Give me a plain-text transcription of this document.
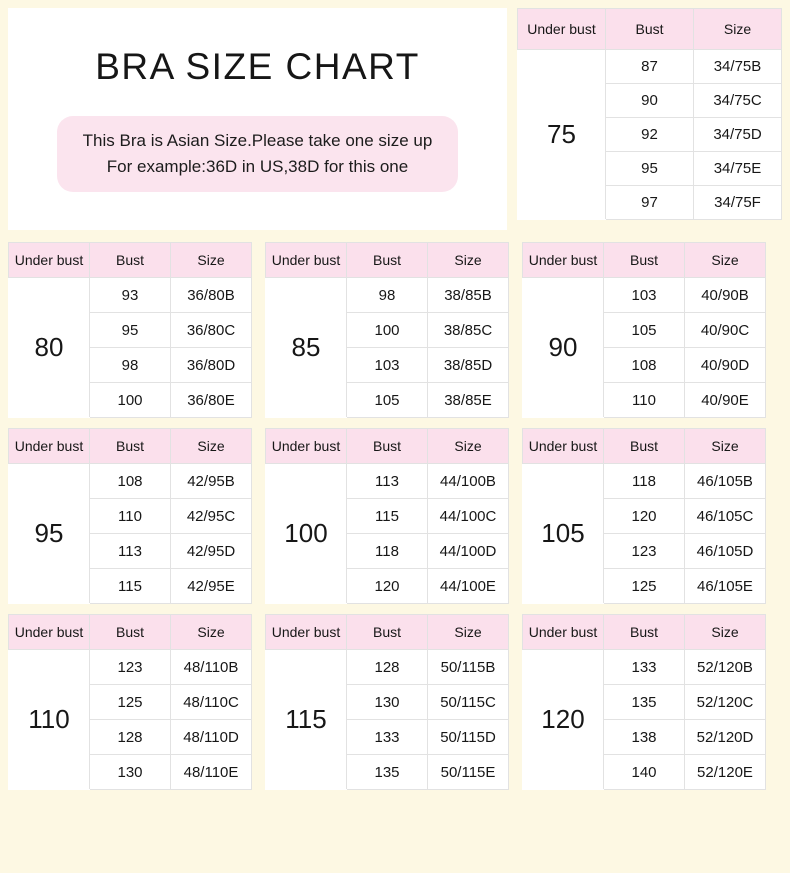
BRA SIZE CHART
This Bra is Asian Size.Please take one size up
For example:36D in US,38D for this one
Under bust	Bust	Size
75	87	34/75B
	90	34/75C
	92	34/75D
	95	34/75E
	97	34/75F
Under bust	Bust	Size
80	93	36/80B
	95	36/80C
	98	36/80D
	100	36/80E
Under bust	Bust	Size
85	98	38/85B
	100	38/85C
	103	38/85D
	105	38/85E
Under bust	Bust	Size
90	103	40/90B
	105	40/90C
	108	40/90D
	110	40/90E
Under bust	Bust	Size
95	108	42/95B
	110	42/95C
	113	42/95D
	115	42/95E
Under bust	Bust	Size
100	113	44/100B
	115	44/100C
	118	44/100D
	120	44/100E
Under bust	Bust	Size
105	118	46/105B
	120	46/105C
	123	46/105D
	125	46/105E
Under bust	Bust	Size
110	123	48/110B
	125	48/110C
	128	48/110D
	130	48/110E
Under bust	Bust	Size
115	128	50/115B
	130	50/115C
	133	50/115D
	135	50/115E
Under bust	Bust	Size
120	133	52/120B
	135	52/120C
	138	52/120D
	140	52/120E
